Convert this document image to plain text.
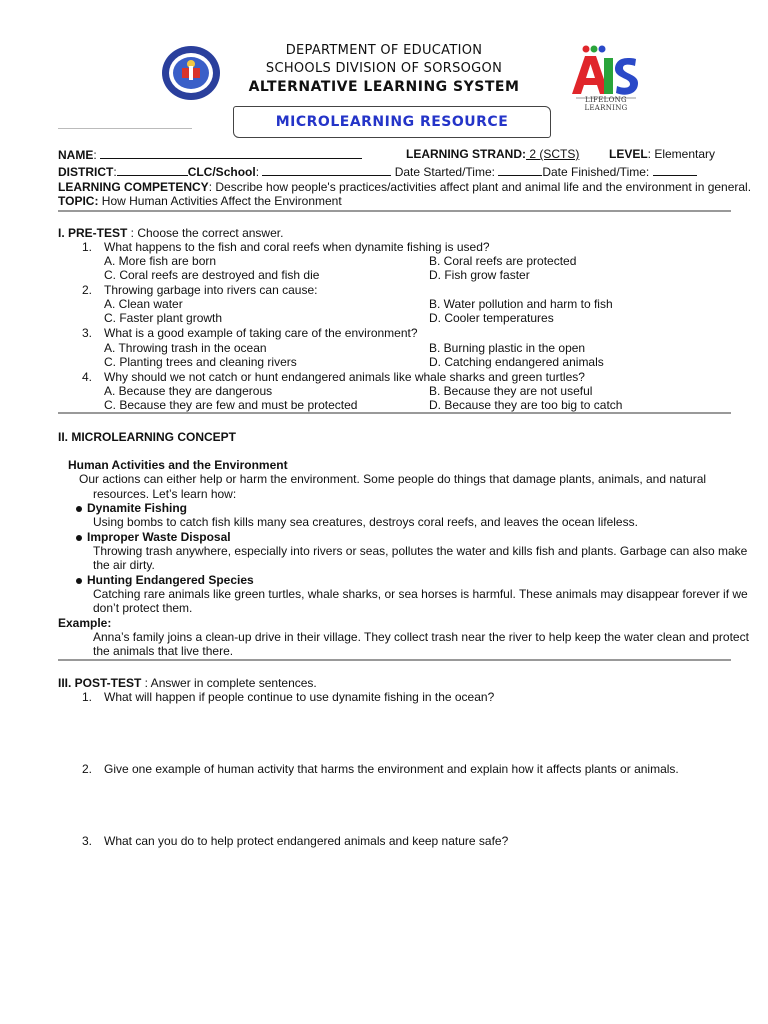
DEPARTMENT OF EDUCATION
SCHOOLS DIVISION OF SORSOGON
ALTERNATIVE LEARNING SYSTEM
LIFELONG LEARNING
MICROLEARNING RESOURCE
NAME:	LEARNING STRAND: 2 (SCTS) LEVEL: Elementary
DISTRICT:	CLC/School:	Date Started/Time:	Date Finished/Time:
LEARNING COMPETENCY: Describe how people's practices/activities affect plant and animal life and the environment in general.
TOPIC: How Human Activities Affect the Environment
I. PRE-TEST : Choose the correct answer.
1. What happens to the fish and coral reefs when dynamite fishing is used?
A. More fish are born	B. Coral reefs are protected
C. Coral reefs are destroyed and fish die	D. Fish grow faster
2. Throwing garbage into rivers can cause:
A. Clean water	B. Water pollution and harm to fish
C. Faster plant growth	D. Cooler temperatures
3. What is a good example of taking care of the environment?
A. Throwing trash in the ocean	B. Burning plastic in the open
C. Planting trees and cleaning rivers	D. Catching endangered animals
4. Why should we not catch or hunt endangered animals like whale sharks and green turtles?
A. Because they are dangerous	B. Because they are not useful
C. Because they are few and must be protected	D. Because they are too big to catch
II. MICROLEARNING CONCEPT
Human Activities and the Environment
Our actions can either help or harm the environment. Some people do things that damage plants, animals, and natural
resources. Let’s learn how:
Dynamite Fishing
Using bombs to catch fish kills many sea creatures, destroys coral reefs, and leaves the ocean lifeless.
Improper Waste Disposal
Throwing trash anywhere, especially into rivers or seas, pollutes the water and kills fish and plants. Garbage can also make
the air dirty.
Hunting Endangered Species
Catching rare animals like green turtles, whale sharks, or sea horses is harmful. These animals may disappear forever if we
don’t protect them.
Example:
Anna’s family joins a clean-up drive in their village. They collect trash near the river to help keep the water clean and protect
the animals that live there.
III. POST-TEST : Answer in complete sentences.
1. What will happen if people continue to use dynamite fishing in the ocean?
2. Give one example of human activity that harms the environment and explain how it affects plants or animals.
3. What can you do to help protect endangered animals and keep nature safe?
